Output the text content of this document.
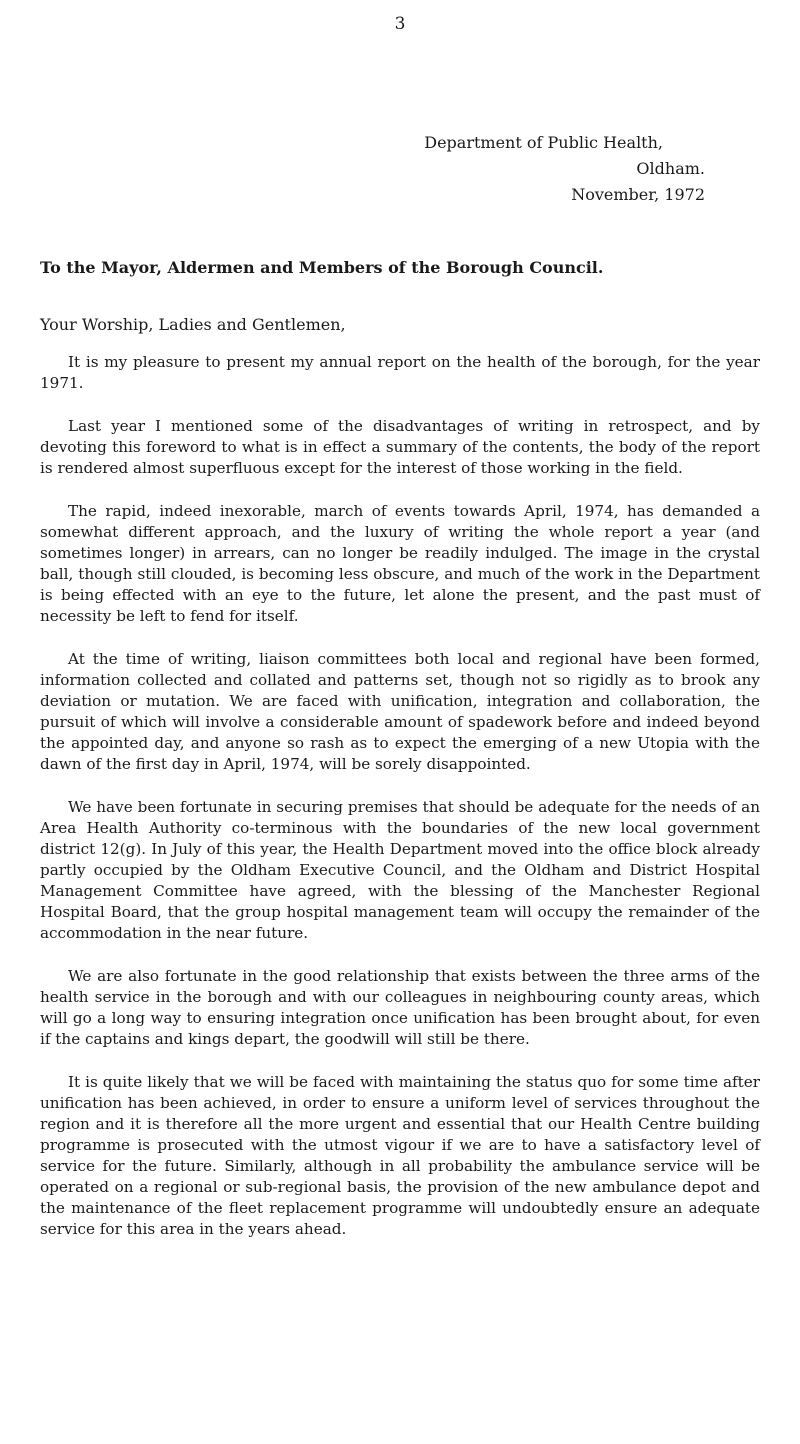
3
Department of Public Health,
Oldham.
November, 1972
To the Mayor, Aldermen and Members of the Borough Council.
Your Worship, Ladies and Gentlemen,

It is my pleasure to present my annual report on the health of the borough, for the year 1971.

Last year I mentioned some of the disadvantages of writing in retrospect, and by devoting this foreword to what is in effect a summary of the contents, the body of the report is rendered almost superfluous except for the interest of those working in the field.

The rapid, indeed inexorable, march of events towards April, 1974, has demanded a somewhat different approach, and the luxury of writing the whole report a year (and sometimes longer) in arrears, can no longer be readily indulged. The image in the crystal ball, though still clouded, is becoming less obscure, and much of the work in the Department is being effected with an eye to the future, let alone the present, and the past must of necessity be left to fend for itself.

At the time of writing, liaison committees both local and regional have been formed, information collected and collated and patterns set, though not so rigidly as to brook any deviation or mutation. We are faced with unification, integration and collaboration, the pursuit of which will involve a considerable amount of spadework before and indeed beyond the appointed day, and anyone so rash as to expect the emerging of a new Utopia with the dawn of the first day in April, 1974, will be sorely disappointed.

We have been fortunate in securing premises that should be adequate for the needs of an Area Health Authority co-terminous with the boundaries of the new local government district 12(g). In July of this year, the Health Department moved into the office block already partly occupied by the Oldham Executive Council, and the Oldham and District Hospital Management Committee have agreed, with the blessing of the Manchester Regional Hospital Board, that the group hospital management team will occupy the remainder of the accommodation in the near future.

We are also fortunate in the good relationship that exists between the three arms of the health service in the borough and with our colleagues in neighbouring county areas, which will go a long way to ensuring integration once unification has been brought about, for even if the captains and kings depart, the goodwill will still be there.

It is quite likely that we will be faced with maintaining the status quo for some time after unification has been achieved, in order to ensure a uniform level of services throughout the region and it is therefore all the more urgent and essential that our Health Centre building programme is prosecuted with the utmost vigour if we are to have a satisfactory level of service for the future. Similarly, although in all probability the ambulance service will be operated on a regional or sub-regional basis, the provision of the new ambulance depot and the maintenance of the fleet replacement programme will undoubtedly ensure an adequate service for this area in the years ahead.
